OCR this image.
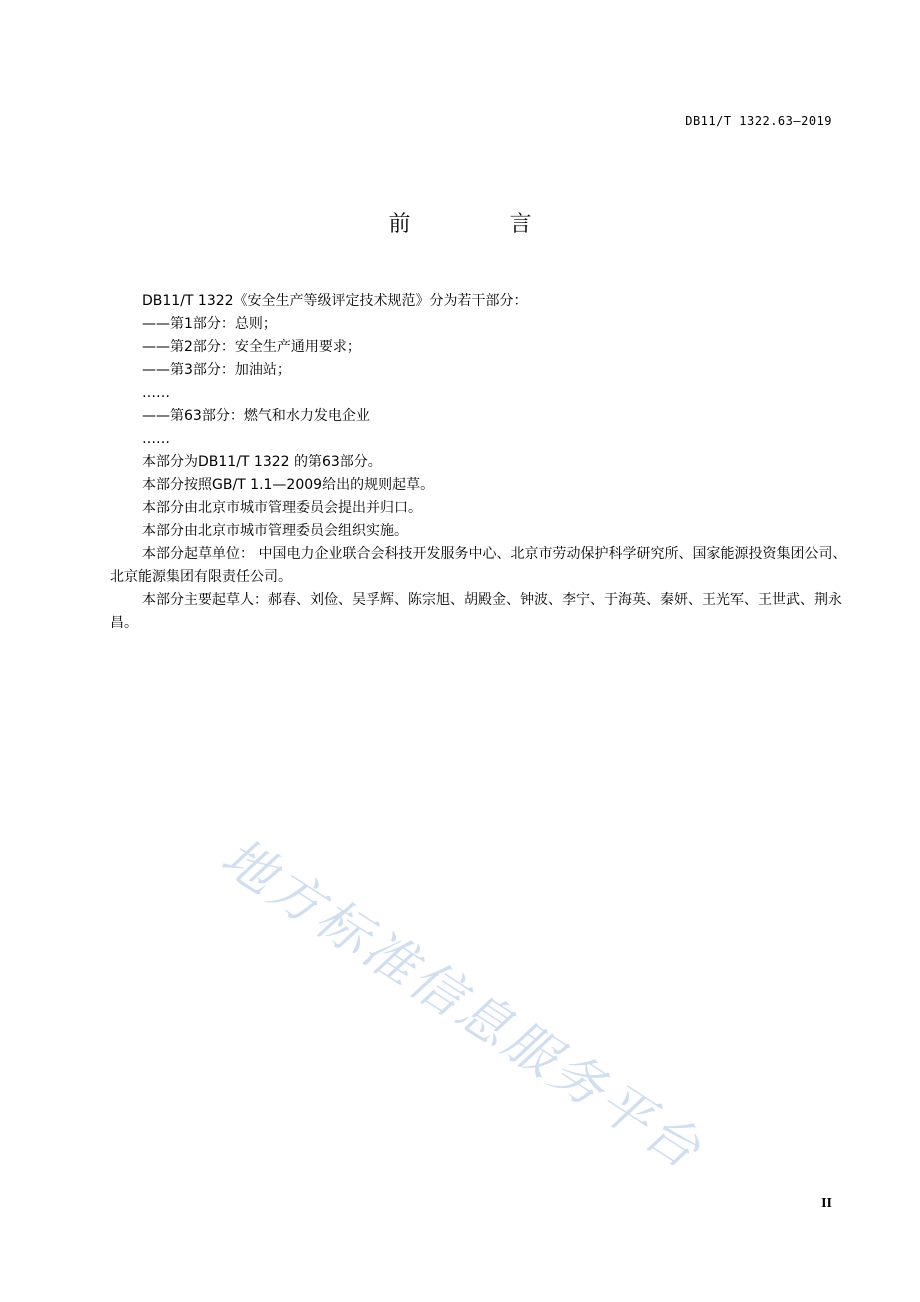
DB11/T 1322.63—2019
前 言
DB11/T 1322《安全生产等级评定技术规范》分为若干部分：
——第1部分：总则；
——第2部分：安全生产通用要求；
——第3部分：加油站；
……
——第63部分：燃气和水力发电企业
……
本部分为DB11/T 1322 的第63部分。
本部分按照GB/T 1.1—2009给出的规则起草。
本部分由北京市城市管理委员会提出并归口。
本部分由北京市城市管理委员会组织实施。
本部分起草单位： 中国电力企业联合会科技开发服务中心、北京市劳动保护科学研究所、国家能源投资集团公司、北京能源集团有限责任公司。
本部分主要起草人：郝春、刘俭、吴孚辉、陈宗旭、胡殿金、钟波、李宁、于海英、秦妍、王光军、王世武、荆永昌。
地方标准信息服务平台
II
